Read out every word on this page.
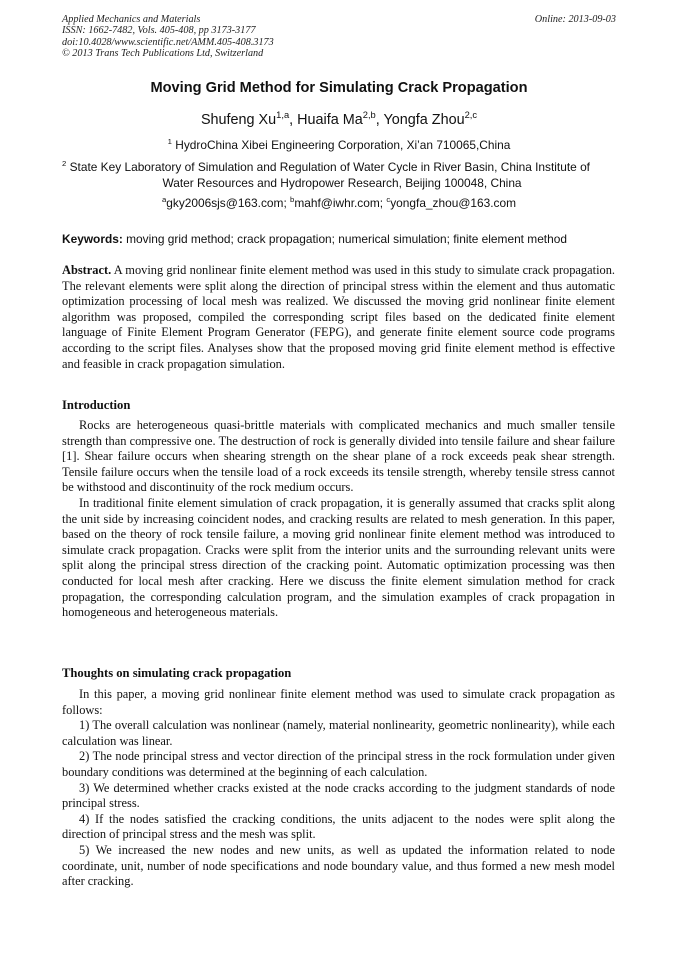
Applied Mechanics and Materials
ISSN: 1662-7482, Vols. 405-408, pp 3173-3177
doi:10.4028/www.scientific.net/AMM.405-408.3173
© 2013 Trans Tech Publications Ltd, Switzerland
Online: 2013-09-03
Moving Grid Method for Simulating Crack Propagation
Shufeng Xu$^{1,a}$, Huaifa Ma$^{2,b}$, Yongfa Zhou$^{2,c}$
$^1$ HydroChina Xibei Engineering Corporation, Xi’an 710065,China
$^2$ State Key Laboratory of Simulation and Regulation of Water Cycle in River Basin, China Institute of
Water Resources and Hydropower Research, Beijing 100048, China
$^a$gky2006sjs@163.com; $^b$mahf@iwhr.com; $^c$yongfa_zhou@163.com
Keywords: moving grid method; crack propagation; numerical simulation; finite element method
Abstract. A moving grid nonlinear finite element method was used in this study to simulate crack propagation. The relevant elements were split along the direction of principal stress within the element and thus automatic optimization processing of local mesh was realized. We discussed the moving grid nonlinear finite element algorithm was proposed, compiled the corresponding script files based on the dedicated finite element language of Finite Element Program Generator (FEPG), and generate finite element source code programs according to the script files. Analyses show that the proposed moving grid finite element method is effective and feasible in crack propagation simulation.
Introduction

Rocks are heterogeneous quasi-brittle materials with complicated mechanics and much smaller tensile strength than compressive one. The destruction of rock is generally divided into tensile failure and shear failure [1]. Shear failure occurs when shearing strength on the shear plane of a rock exceeds peak shear strength. Tensile failure occurs when the tensile load of a rock exceeds its tensile strength, whereby tensile stress cannot be withstood and discontinuity of the rock medium occurs.

In traditional finite element simulation of crack propagation, it is generally assumed that cracks split along the unit side by increasing coincident nodes, and cracking results are related to mesh generation. In this paper, based on the theory of rock tensile failure, a moving grid nonlinear finite element method was introduced to simulate crack propagation. Cracks were split from the interior units and the surrounding relevant units were split along the principal stress direction of the cracking point. Automatic optimization processing was then conducted for local mesh after cracking. Here we discuss the finite element simulation method for crack propagation, the corresponding calculation program, and the simulation examples of crack propagation in homogeneous and heterogeneous materials.

Thoughts on simulating crack propagation

In this paper, a moving grid nonlinear finite element method was used to simulate crack propagation as follows:

1) The overall calculation was nonlinear (namely, material nonlinearity, geometric nonlinearity), while each calculation was linear.

2) The node principal stress and vector direction of the principal stress in the rock formulation under given boundary conditions was determined at the beginning of each calculation.

3) We determined whether cracks existed at the node cracks according to the judgment standards of node principal stress.

4) If the nodes satisfied the cracking conditions, the units adjacent to the nodes were split along the direction of principal stress and the mesh was split.

5) We increased the new nodes and new units, as well as updated the information related to node coordinate, unit, number of node specifications and node boundary value, and thus formed a new mesh model after cracking.
